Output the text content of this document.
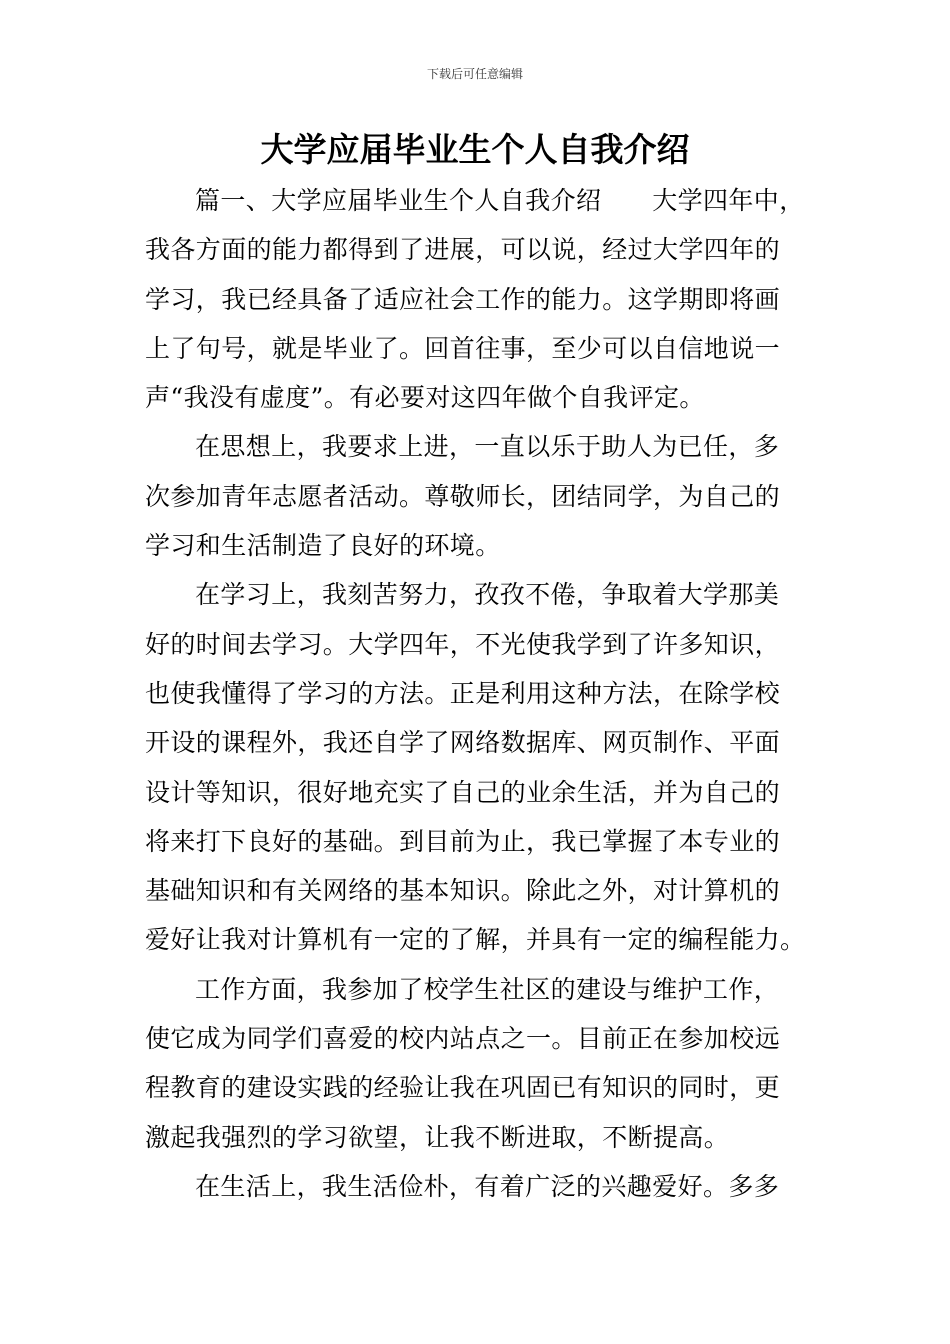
下载后可任意编辑
大学应届毕业生个人自我介绍

篇一、大学应届毕业生个人自我介绍　　大学四年中，
我各方面的能力都得到了进展，可以说，经过大学四年的
学习，我已经具备了适应社会工作的能力。这学期即将画
上了句号，就是毕业了。回首往事，至少可以自信地说一
声“我没有虚度”。有必要对这四年做个自我评定。

在思想上，我要求上进，一直以乐于助人为已任，多
次参加青年志愿者活动。尊敬师长，团结同学，为自己的
学习和生活制造了良好的环境。

在学习上，我刻苦努力，孜孜不倦，争取着大学那美
好的时间去学习。大学四年，不光使我学到了许多知识，
也使我懂得了学习的方法。正是利用这种方法，在除学校
开设的课程外，我还自学了网络数据库、网页制作、平面
设计等知识，很好地充实了自己的业余生活，并为自己的
将来打下良好的基础。到目前为止，我已掌握了本专业的
基础知识和有关网络的基本知识。除此之外，对计算机的
爱好让我对计算机有一定的了解，并具有一定的编程能力。

工作方面，我参加了校学生社区的建设与维护工作，
使它成为同学们喜爱的校内站点之一。目前正在参加校远
程教育的建设实践的经验让我在巩固已有知识的同时，更
激起我强烈的学习欲望，让我不断进取，不断提高。

在生活上，我生活俭朴，有着广泛的兴趣爱好。多多
